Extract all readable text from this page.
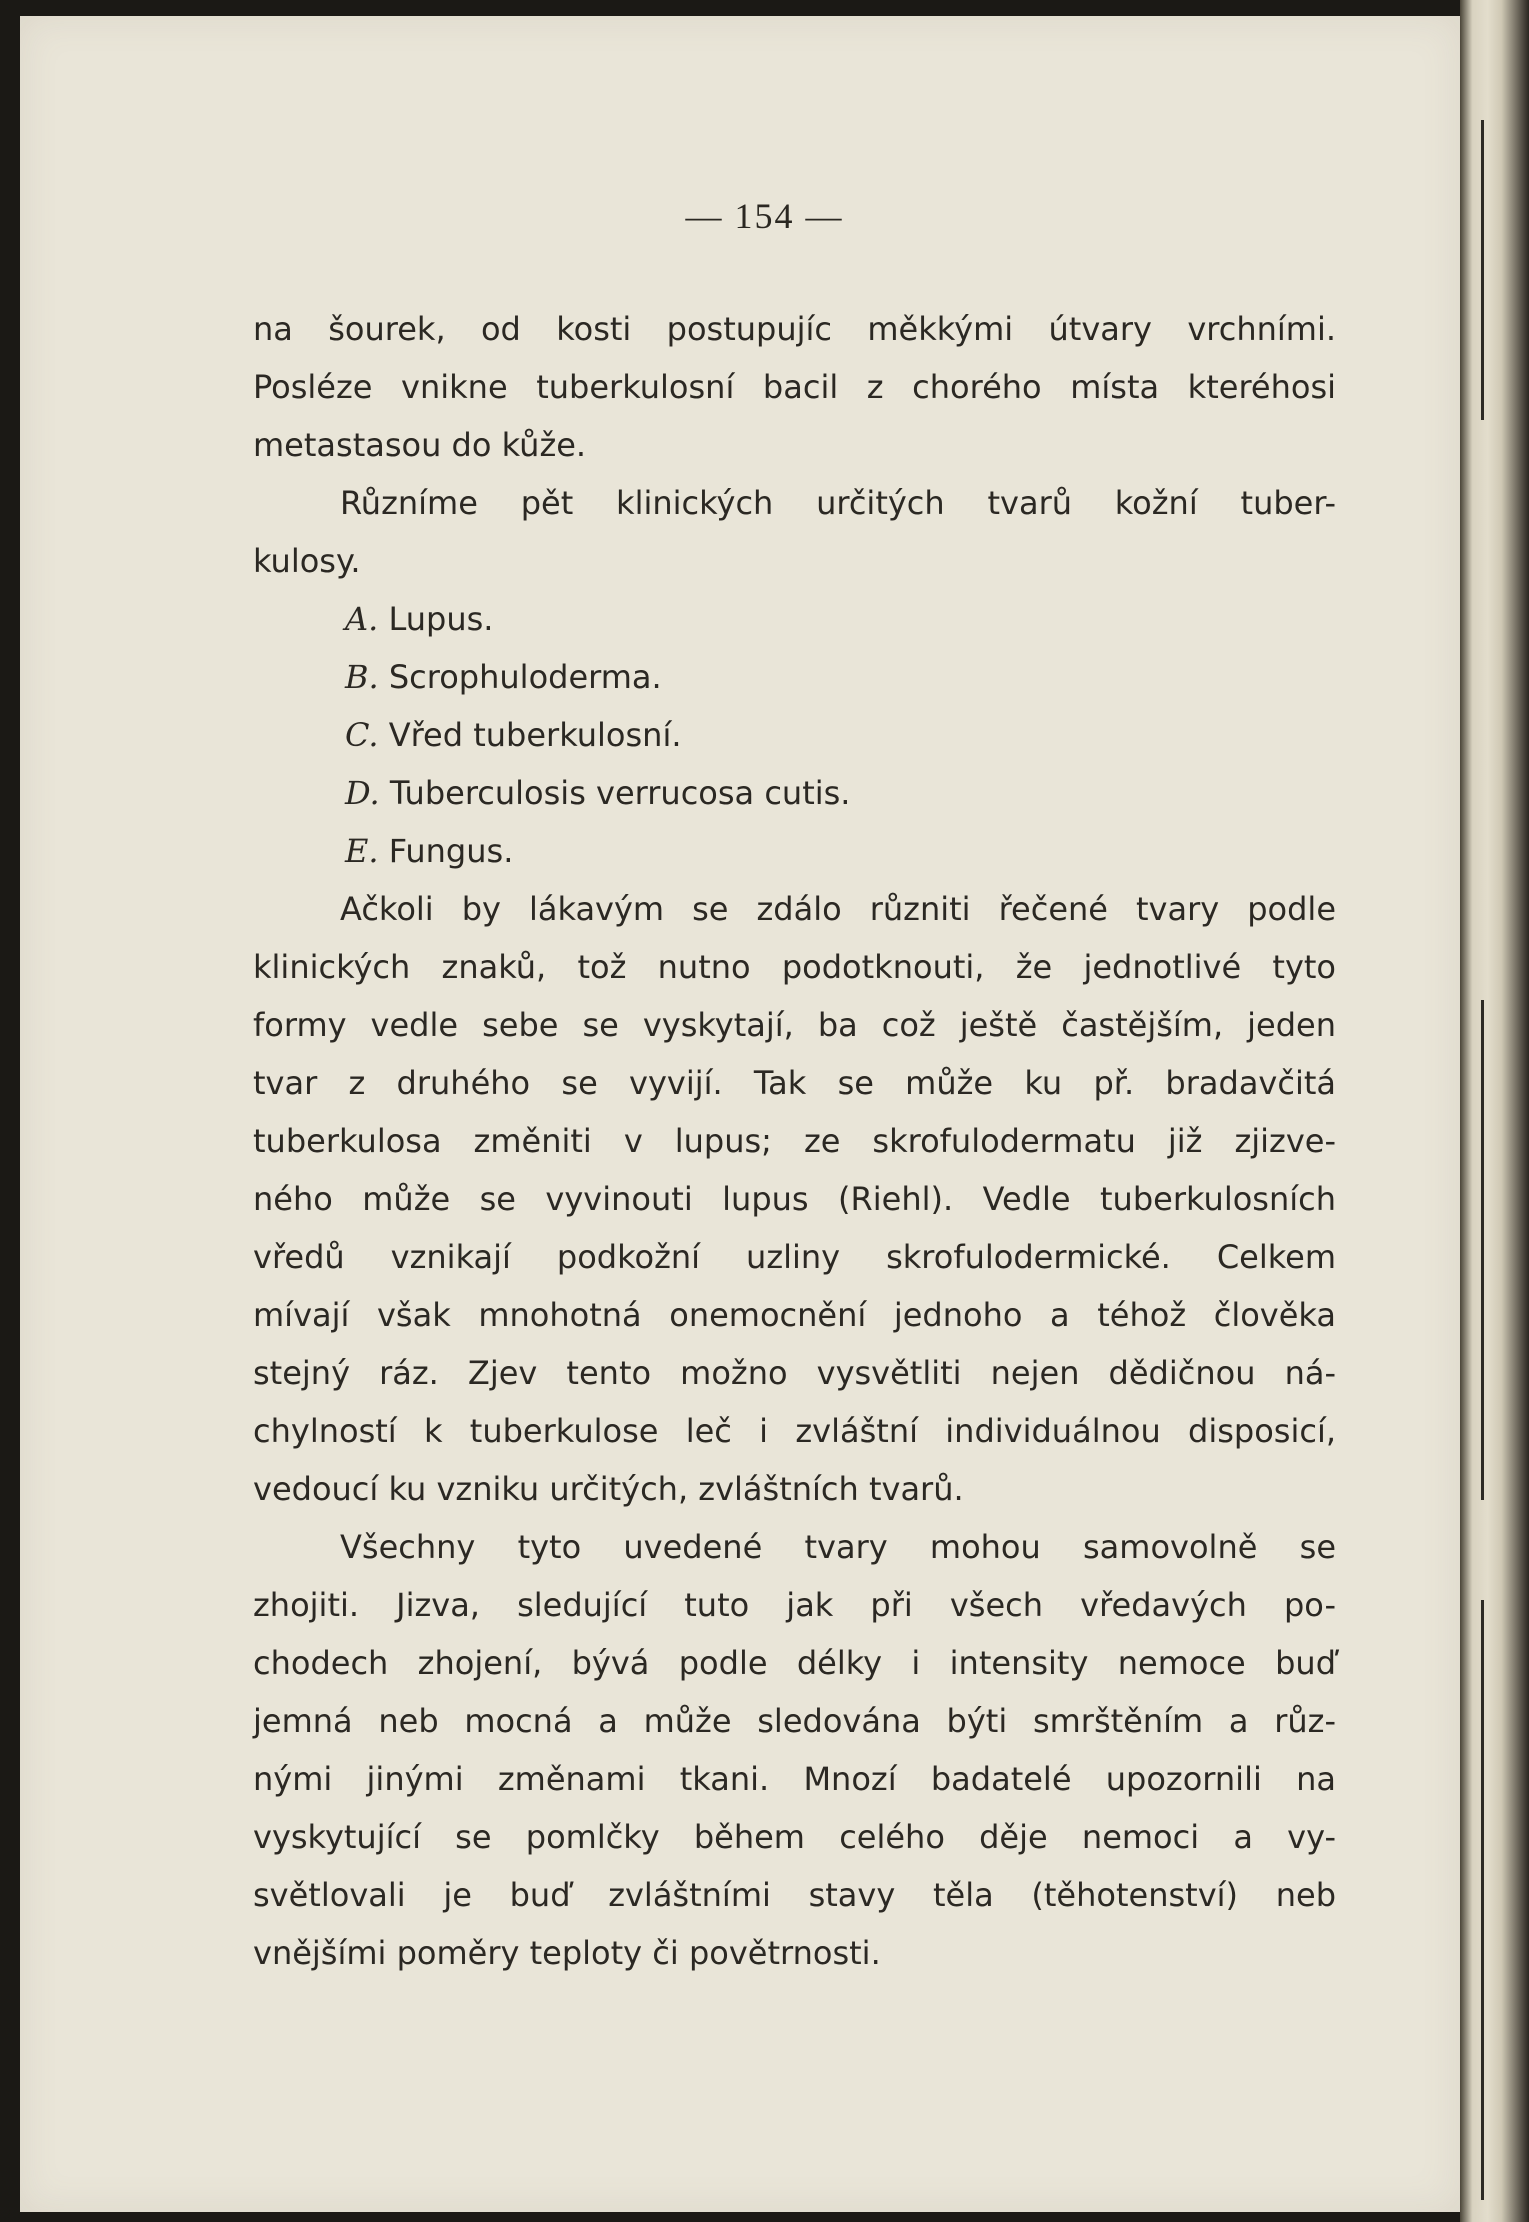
— 154 —
na šourek, od kosti postupujíc měkkými útvary vrchními.
Posléze vnikne tuberkulosní bacil z chorého místa kteréhosi
metastasou do kůže.
Různíme pět klinických určitých tvarů kožní tuber-
kulosy.
A. Lupus.
B. Scrophuloderma.
C. Vřed tuberkulosní.
D. Tuberculosis verrucosa cutis.
E. Fungus.
Ačkoli by lákavým se zdálo různiti řečené tvary podle
klinických znaků, tož nutno podotknouti, že jednotlivé tyto
formy vedle sebe se vyskytají, ba což ještě častějším, jeden
tvar z druhého se vyvijí. Tak se může ku př. bradavčitá
tuberkulosa změniti v lupus; ze skrofulodermatu již zjizve-
ného může se vyvinouti lupus (Riehl). Vedle tuberkulosních
vředů vznikají podkožní uzliny skrofulodermické. Celkem
mívají však mnohotná onemocnění jednoho a téhož člověka
stejný ráz. Zjev tento možno vysvětliti nejen dědičnou ná-
chylností k tuberkulose leč i zvláštní individuálnou disposicí,
vedoucí ku vzniku určitých, zvláštních tvarů.
Všechny tyto uvedené tvary mohou samovolně se
zhojiti. Jizva, sledující tuto jak při všech vředavých po-
chodech zhojení, bývá podle délky i intensity nemoce buď
jemná neb mocná a může sledována býti smrštěním a růz-
nými jinými změnami tkani. Mnozí badatelé upozornili na
vyskytující se pomlčky během celého děje nemoci a vy-
světlovali je buď zvláštními stavy těla (těhotenství) neb
vnějšími poměry teploty či povětrnosti.
